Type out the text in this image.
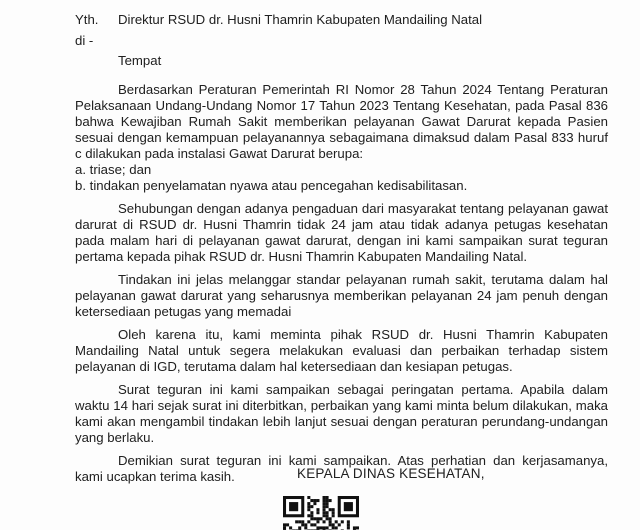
Yth.	Direktur RSUD dr. Husni Thamrin Kabupaten Mandailing Natal
di -
Tempat

Berdasarkan Peraturan Pemerintah RI Nomor 28 Tahun 2024 Tentang Peraturan Pelaksanaan Undang-Undang Nomor 17 Tahun 2023 Tentang Kesehatan, pada Pasal 836 bahwa Kewajiban Rumah Sakit memberikan pelayanan Gawat Darurat kepada Pasien sesuai dengan kemampuan pelayanannya sebagaimana dimaksud dalam Pasal 833 huruf c dilakukan pada instalasi Gawat Darurat berupa:

a. triase; dan
b. tindakan penyelamatan nyawa atau pencegahan kedisabilitasan.

Sehubungan dengan adanya pengaduan dari masyarakat tentang pelayanan gawat darurat di RSUD dr. Husni Thamrin tidak 24 jam atau tidak adanya petugas kesehatan pada malam hari di pelayanan gawat darurat, dengan ini kami sampaikan surat teguran pertama kepada pihak RSUD dr. Husni Thamrin Kabupaten Mandailing Natal.

Tindakan ini jelas melanggar standar pelayanan rumah sakit, terutama dalam hal pelayanan gawat darurat yang seharusnya memberikan pelayanan 24 jam penuh dengan ketersediaan petugas yang memadai

Oleh karena itu, kami meminta pihak RSUD dr. Husni Thamrin Kabupaten Mandailing Natal untuk segera melakukan evaluasi dan perbaikan terhadap sistem pelayanan di IGD, terutama dalam hal ketersediaan dan kesiapan petugas.

Surat teguran ini kami sampaikan sebagai peringatan pertama. Apabila dalam waktu 14 hari sejak surat ini diterbitkan, perbaikan yang kami minta belum dilakukan, maka kami akan mengambil tindakan lebih lanjut sesuai dengan peraturan perundang-undangan yang berlaku.

Demikian surat teguran ini kami sampaikan. Atas perhatian dan kerjasamanya, kami ucapkan terima kasih.	KEPALA DINAS KESEHATAN,
